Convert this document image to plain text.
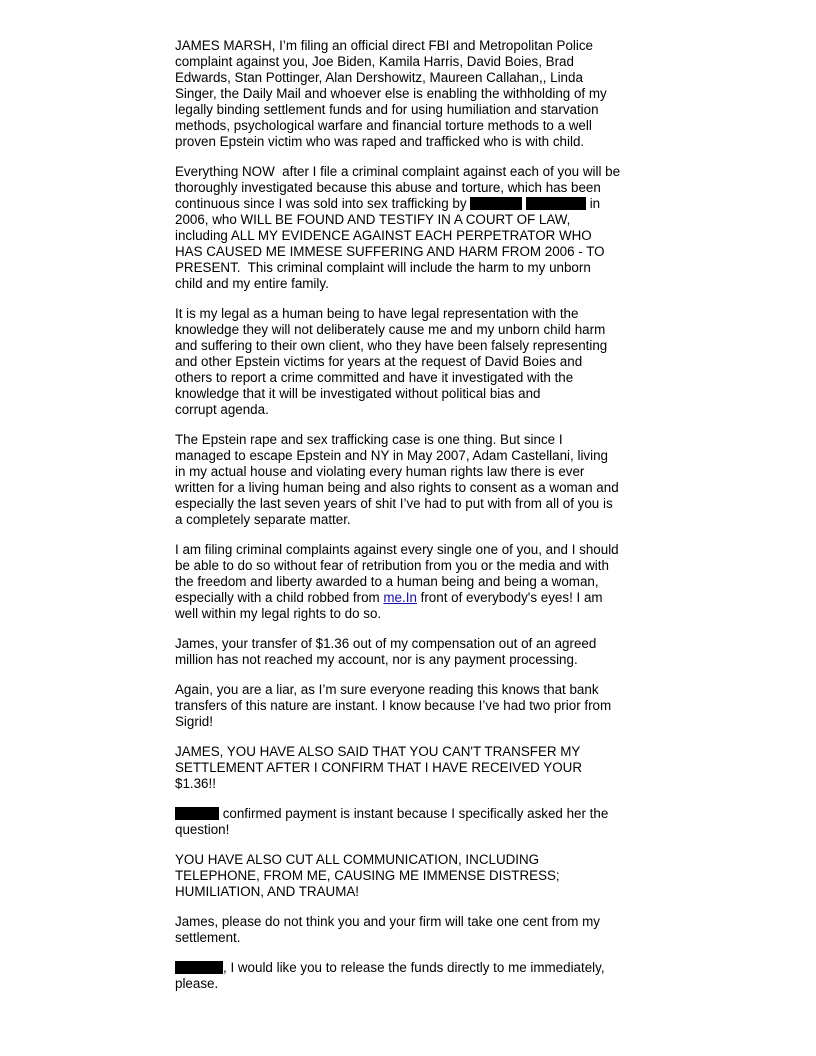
JAMES MARSH, I’m filing an official direct FBI and Metropolitan Police
complaint against you, Joe Biden, Kamila Harris, David Boies, Brad
Edwards, Stan Pottinger, Alan Dershowitz, Maureen Callahan,, Linda
Singer, the Daily Mail and whoever else is enabling the withholding of my
legally binding settlement funds and for using humiliation and starvation
methods, psychological warfare and financial torture methods to a well
proven Epstein victim who was raped and trafficked who is with child.
Everything NOW  after I file a criminal complaint against each of you will be
thoroughly investigated because this abuse and torture, which has been
continuous since I was sold into sex trafficking by	in
2006, who WILL BE FOUND AND TESTIFY IN A COURT OF LAW,
including ALL MY EVIDENCE AGAINST EACH PERPETRATOR WHO
HAS CAUSED ME IMMESE SUFFERING AND HARM FROM 2006 - TO
PRESENT.  This criminal complaint will include the harm to my unborn
child and my entire family.
It is my legal as a human being to have legal representation with the
knowledge they will not deliberately cause me and my unborn child harm
and suffering to their own client, who they have been falsely representing
and other Epstein victims for years at the request of David Boies and
others to report a crime committed and have it investigated with the
knowledge that it will be investigated without political bias and
corrupt agenda.
The Epstein rape and sex trafficking case is one thing. But since I
managed to escape Epstein and NY in May 2007, Adam Castellani, living
in my actual house and violating every human rights law there is ever
written for a living human being and also rights to consent as a woman and
especially the last seven years of shit I’ve had to put with from all of you is
a completely separate matter.
I am filing criminal complaints against every single one of you, and I should
be able to do so without fear of retribution from you or the media and with
the freedom and liberty awarded to a human being and being a woman,
especially with a child robbed from me.In front of everybody's eyes! I am
well within my legal rights to do so.
James, your transfer of $1.36 out of my compensation out of an agreed
million has not reached my account, nor is any payment processing.
Again, you are a liar, as I’m sure everyone reading this knows that bank
transfers of this nature are instant. I know because I’ve had two prior from
Sigrid!
JAMES, YOU HAVE ALSO SAID THAT YOU CAN'T TRANSFER MY
SETTLEMENT AFTER I CONFIRM THAT I HAVE RECEIVED YOUR
$1.36!!
confirmed payment is instant because I specifically asked her the
question!
YOU HAVE ALSO CUT ALL COMMUNICATION, INCLUDING
TELEPHONE, FROM ME, CAUSING ME IMMENSE DISTRESS;
HUMILIATION, AND TRAUMA!
James, please do not think you and your firm will take one cent from my
settlement.
, I would like you to release the funds directly to me immediately,
please.
